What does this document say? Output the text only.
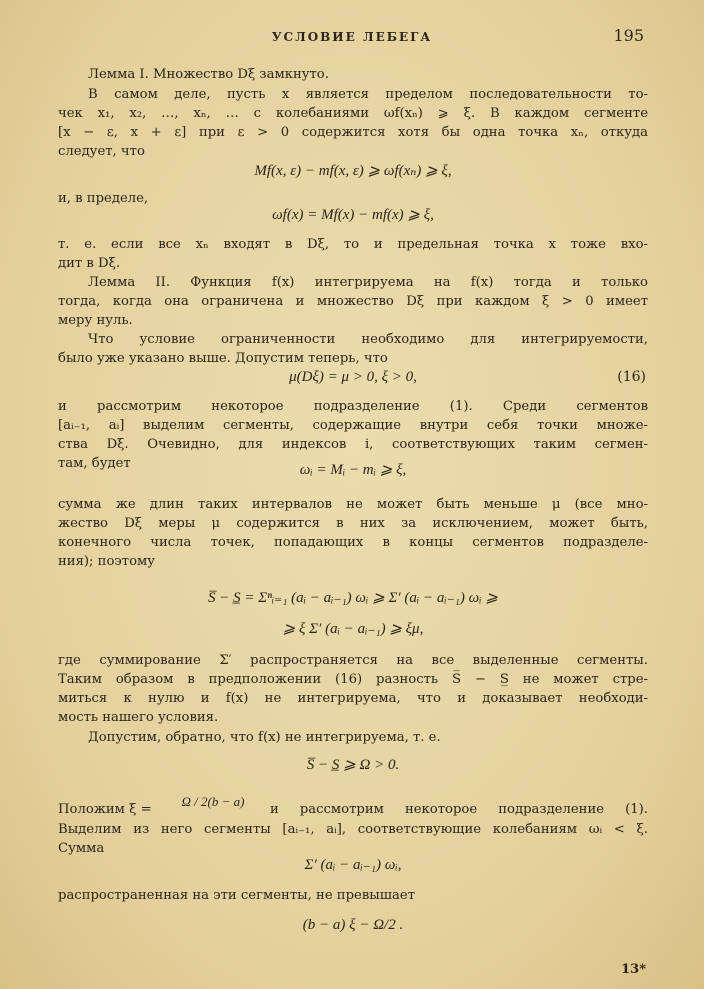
УСЛОВИЕ ЛЕБЕГА	195
Лемма I. Множество Dξ замкнуто.
В самом деле, пусть x является пределом последовательности то-
чек x₁, x₂, …, xₙ, … с колебаниями ωf(xₙ) ⩾ ξ. В каждом сегменте
[x − ε, x + ε] при ε > 0 содержится хотя бы одна точка xₙ, откуда
следует, что
Mf(x, ε) − mf(x, ε) ⩾ ωf(xₙ) ⩾ ξ,
и, в пределе,
ωf(x) = Mf(x) − mf(x) ⩾ ξ,
т. е. если все xₙ входят в Dξ, то и предельная точка x тоже вхо-
дит в Dξ.
Лемма II. Функция f(x) интегрируема на f(x) тогда и только
тогда, когда она ограничена и множество Dξ при каждом ξ > 0 имеет
меру нуль.
Что условие ограниченности необходимо для интегрируемости,
было уже указано выше. Допустим теперь, что
μ(Dξ) = μ > 0, ξ > 0,	(16)
и рассмотрим некоторое подразделение (1). Среди сегментов
[aᵢ₋₁, aᵢ] выделим сегменты, содержащие внутри себя точки множе-
ства Dξ. Очевидно, для индексов i, соответствующих таким сегмен-
там, будет	ωᵢ = Mᵢ − mᵢ ⩾ ξ,
сумма же длин таких интервалов не может быть меньше μ (все мно-
жество Dξ меры μ содержится в них за исключением, может быть,
конечного числа точек, попадающих в концы сегментов подразделе-
ния); поэтому
S̅ − S̲ = Σⁿᵢ₌₁ (aᵢ − aᵢ₋₁) ωᵢ ⩾ Σ′ (aᵢ − aᵢ₋₁) ωᵢ ⩾
⩾ ξ Σ′ (aᵢ − aᵢ₋₁) ⩾ ξμ,
где суммирование Σ′ распространяется на все выделенные сегменты.
Таким образом в предположении (16) разность S̅ − S̲ не может стре-
миться к нулю и f(x) не интегрируема, что и доказывает необходи-
мость нашего условия.
Допустим, обратно, что f(x) не интегрируема, т. е.
S̅ − S̲ ⩾ Ω > 0.
Положим ξ =
Ω / 2(b − a)
и рассмотрим некоторое подразделение (1).
Выделим из него сегменты [aᵢ₋₁, aᵢ], соответствующие колебаниям ωᵢ < ξ.
Сумма
Σ′ (aᵢ − aᵢ₋₁) ωᵢ,
распространенная на эти сегменты, не превышает
(b − a) ξ − Ω/2 .
13*
